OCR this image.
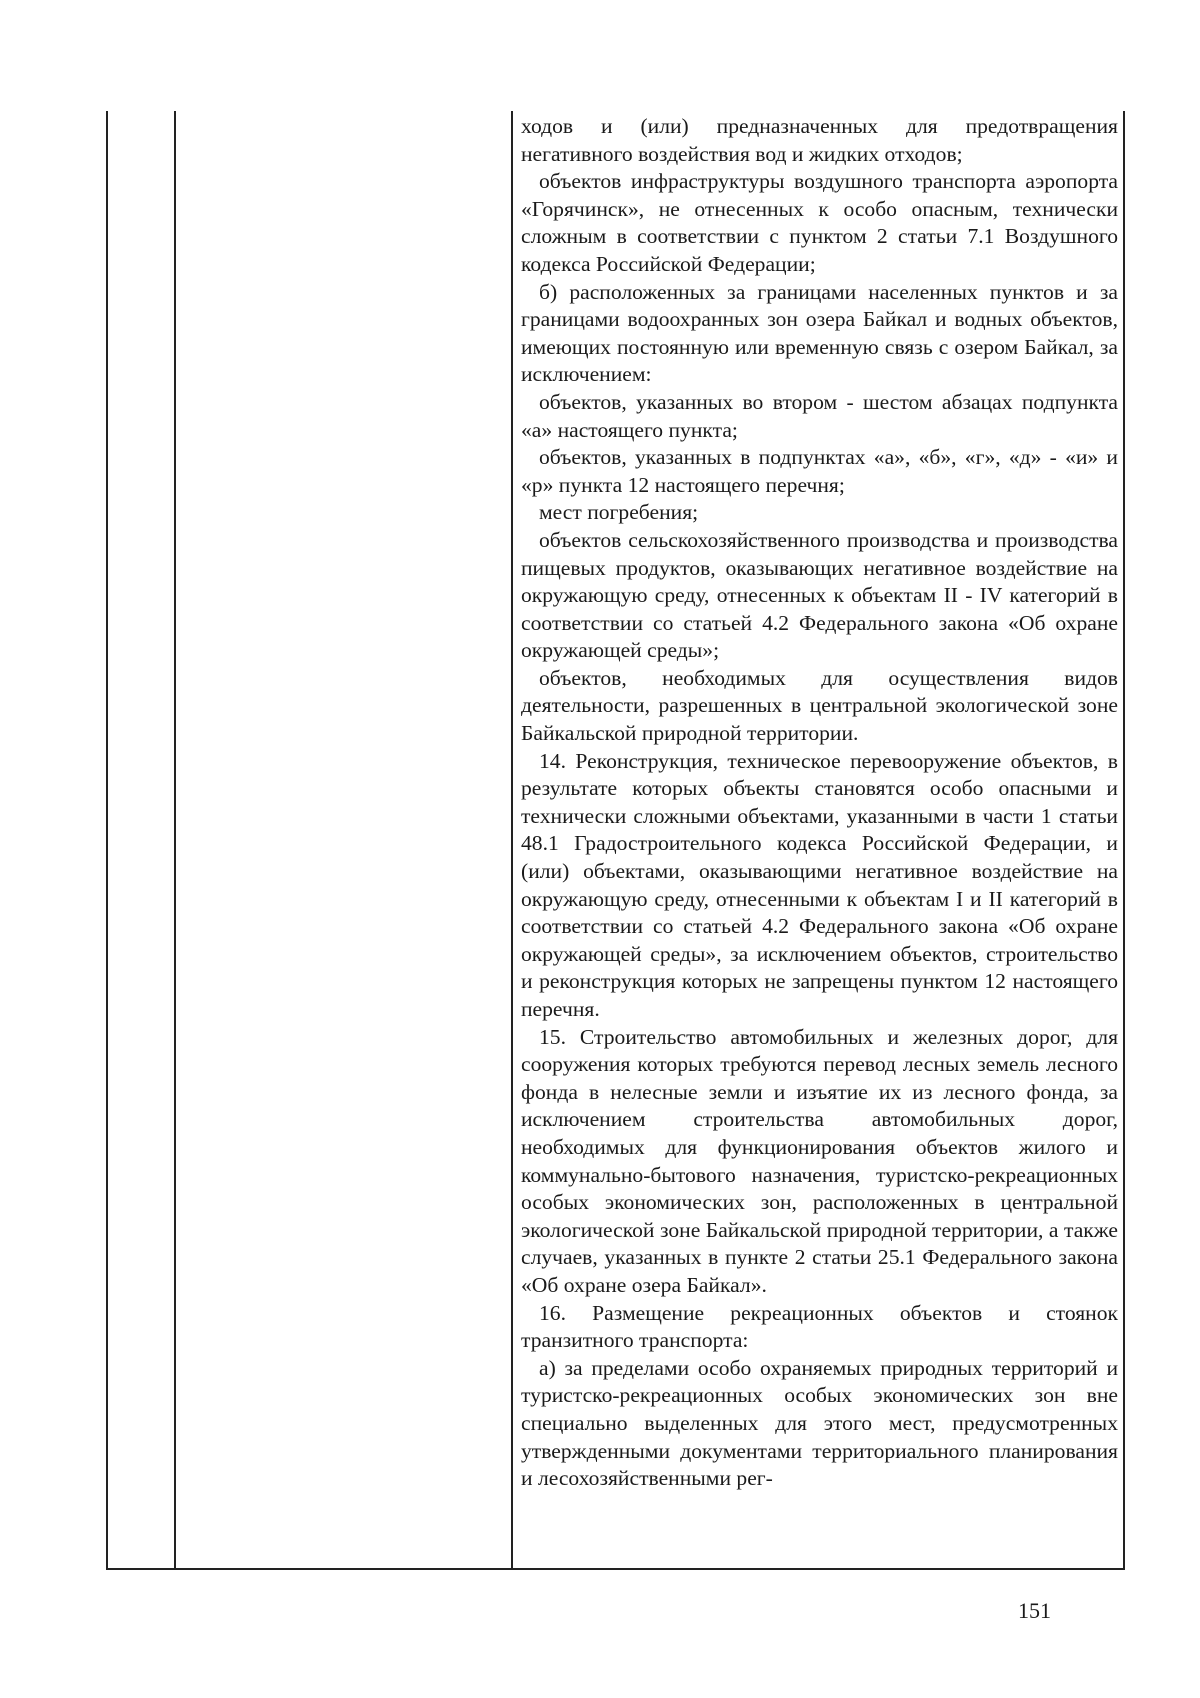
ходов и (или) предназначенных для предотвращения негативного воздействия вод и жидких отходов;

объектов инфраструктуры воздушного транспорта аэропорта «Горячинск», не отнесенных к особо опасным, технически сложным в соответствии с пунктом 2 статьи 7.1 Воздушного кодекса Российской Федерации;

б) расположенных за границами населенных пунктов и за границами водоохранных зон озера Байкал и водных объектов, имеющих постоянную или временную связь с озером Байкал, за исключением:

объектов, указанных во втором - шестом абзацах подпункта «а» настоящего пункта;

объектов, указанных в подпунктах «а», «б», «г», «д» - «и» и «р» пункта 12 настоящего перечня;

мест погребения;

объектов сельскохозяйственного производства и производства пищевых продуктов, оказывающих негативное воздействие на окружающую среду, отнесенных к объектам II - IV категорий в соответствии со статьей 4.2 Федерального закона «Об охране окружающей среды»;

объектов, необходимых для осуществления видов деятельности, разрешенных в центральной экологической зоне Байкальской природной территории.

14. Реконструкция, техническое перевооружение объектов, в результате которых объекты становятся особо опасными и технически сложными объектами, указанными в части 1 статьи 48.1 Градостроительного кодекса Российской Федерации, и (или) объектами, оказывающими негативное воздействие на окружающую среду, отнесенными к объектам I и II категорий в соответствии со статьей 4.2 Федерального закона «Об охране окружающей среды», за исключением объектов, строительство и реконструкция которых не запрещены пунктом 12 настоящего перечня.

15. Строительство автомобильных и железных дорог, для сооружения которых требуются перевод лесных земель лесного фонда в нелесные земли и изъятие их из лесного фонда, за исключением строительства автомобильных дорог, необходимых для функционирования объектов жилого и коммунально-бытового назначения, туристско-рекреационных особых экономических зон, расположенных в центральной экологической зоне Байкальской природной территории, а также случаев, указанных в пункте 2 статьи 25.1 Федерального закона «Об охране озера Байкал».

16. Размещение рекреационных объектов и стоянок транзитного транспорта:

а) за пределами особо охраняемых природных территорий и туристско-рекреационных особых экономических зон вне специально выделенных для этого мест, предусмотренных утвержденными документами территориального планирования и лесохозяйственными рег-

151
